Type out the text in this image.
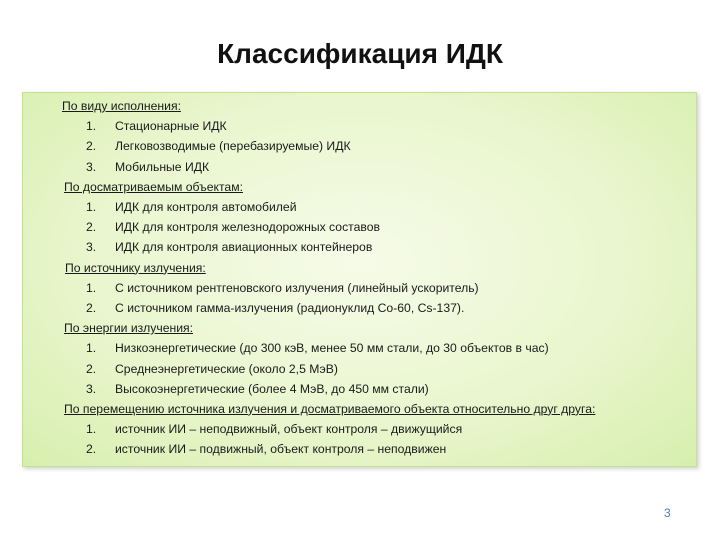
Классификация ИДК
По виду исполнения:
1.	Стационарные ИДК
2.	Легковозводимые (перебазируемые) ИДК
3.	Мобильные ИДК
По досматриваемым объектам:
1.	ИДК для контроля автомобилей
2.	ИДК для контроля железнодорожных составов
3.	ИДК для контроля авиационных контейнеров
По источнику излучения:
1.	С источником рентгеновского излучения (линейный ускоритель)
2.	С источником гамма-излучения (радионуклид Со-60, Cs-137).
По энергии излучения:
1.	Низкоэнергетические (до 300 кэВ, менее 50 мм стали, до 30 объектов в час)
2.	Среднеэнергетические (около 2,5 МэВ)
3.	Высокоэнергетические (более 4 МэВ, до 450 мм стали)
По перемещению источника излучения и досматриваемого объекта относительно друг друга:
1.	источник ИИ – неподвижный, объект контроля – движущийся
2.	источник ИИ – подвижный, объект контроля – неподвижен
3
